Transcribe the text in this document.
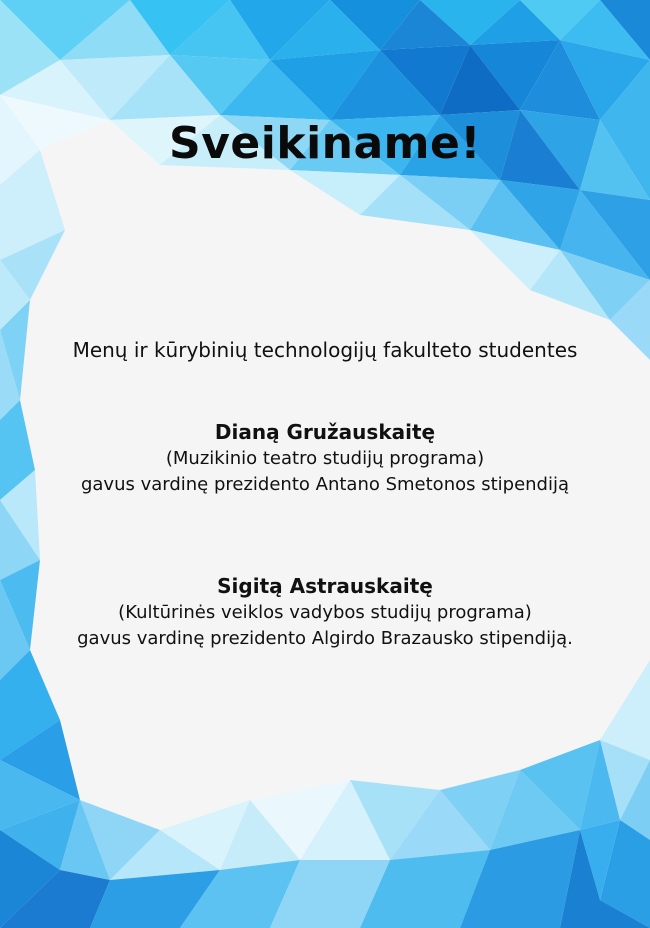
Sveikiname!

Menų ir kūrybinių technologijų fakulteto studentes

Dianą Gružauskaitę
(Muzikinio teatro studijų programa)
gavus vardinę prezidento Antano Smetonos stipendiją
Sigitą Astrauskaitę
(Kultūrinės veiklos vadybos studijų programa)
gavus vardinę prezidento Algirdo Brazausko stipendiją.
